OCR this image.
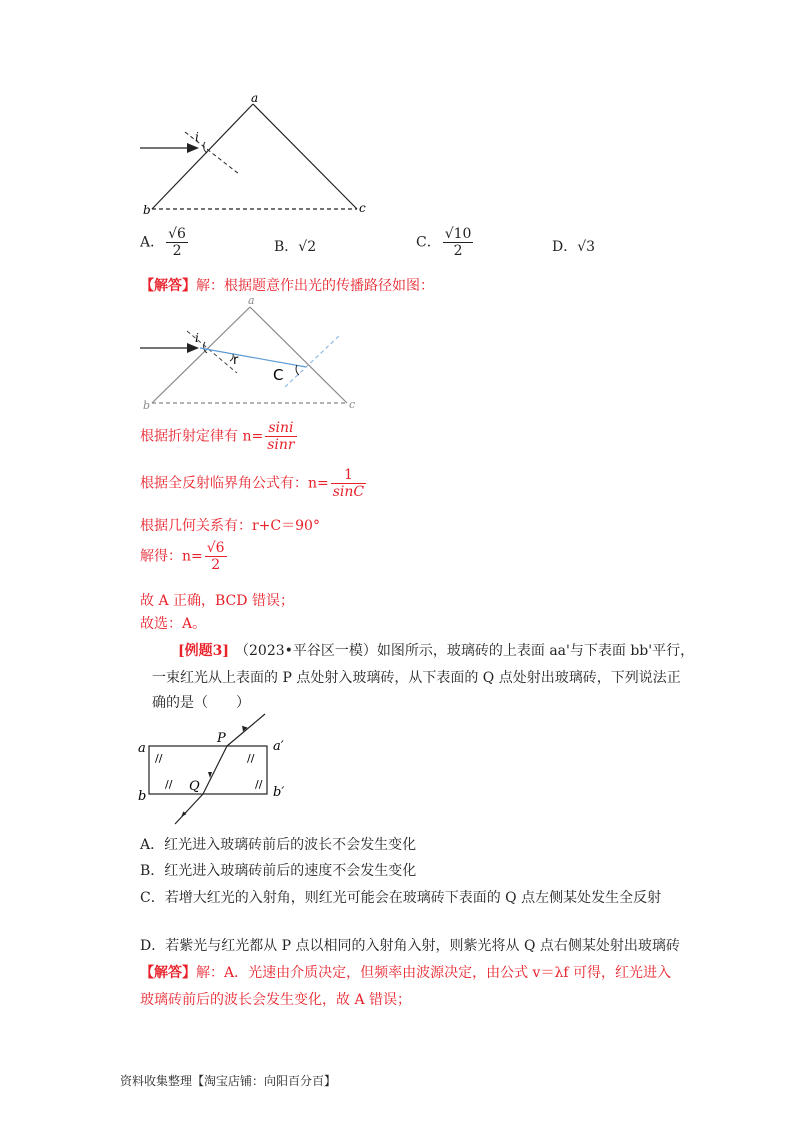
a
b	c
i
A． $\frac{√6}{2}$	B．√2	C． $\frac{√10}{2}$	D．√3
【解答】解：根据题意作出光的传播路径如图：
a
b	c
i
r
C
根据折射定律有 $n= \frac{\sin i}{\sin r}$
根据全反射临界角公式有：$n= \frac{1}{\sin C}$
根据几何关系有：r+C＝90°
解得：$n= \frac{√6}{2}$
故 A 正确，BCD 错误；
故选：A。
[例题3] （2023•平谷区一模）如图所示，玻璃砖的上表面 aa'与下表面 bb'平行，
一束红光从上表面的 P 点处射入玻璃砖，从下表面的 Q 点处射出玻璃砖，下列说法正
确的是（　　）
//	//
//	//
a	a′
b	b′
P
Q
A．红光进入玻璃砖前后的波长不会发生变化
B．红光进入玻璃砖前后的速度不会发生变化
C．若增大红光的入射角，则红光可能会在玻璃砖下表面的 Q 点左侧某处发生全反射
D．若紫光与红光都从 P 点以相同的入射角入射，则紫光将从 Q 点右侧某处射出玻璃砖
【解答】解：A．光速由介质决定，但频率由波源决定，由公式 v＝λf 可得，红光进入
玻璃砖前后的波长会发生变化，故 A 错误；
资料收集整理【淘宝店铺：向阳百分百】
